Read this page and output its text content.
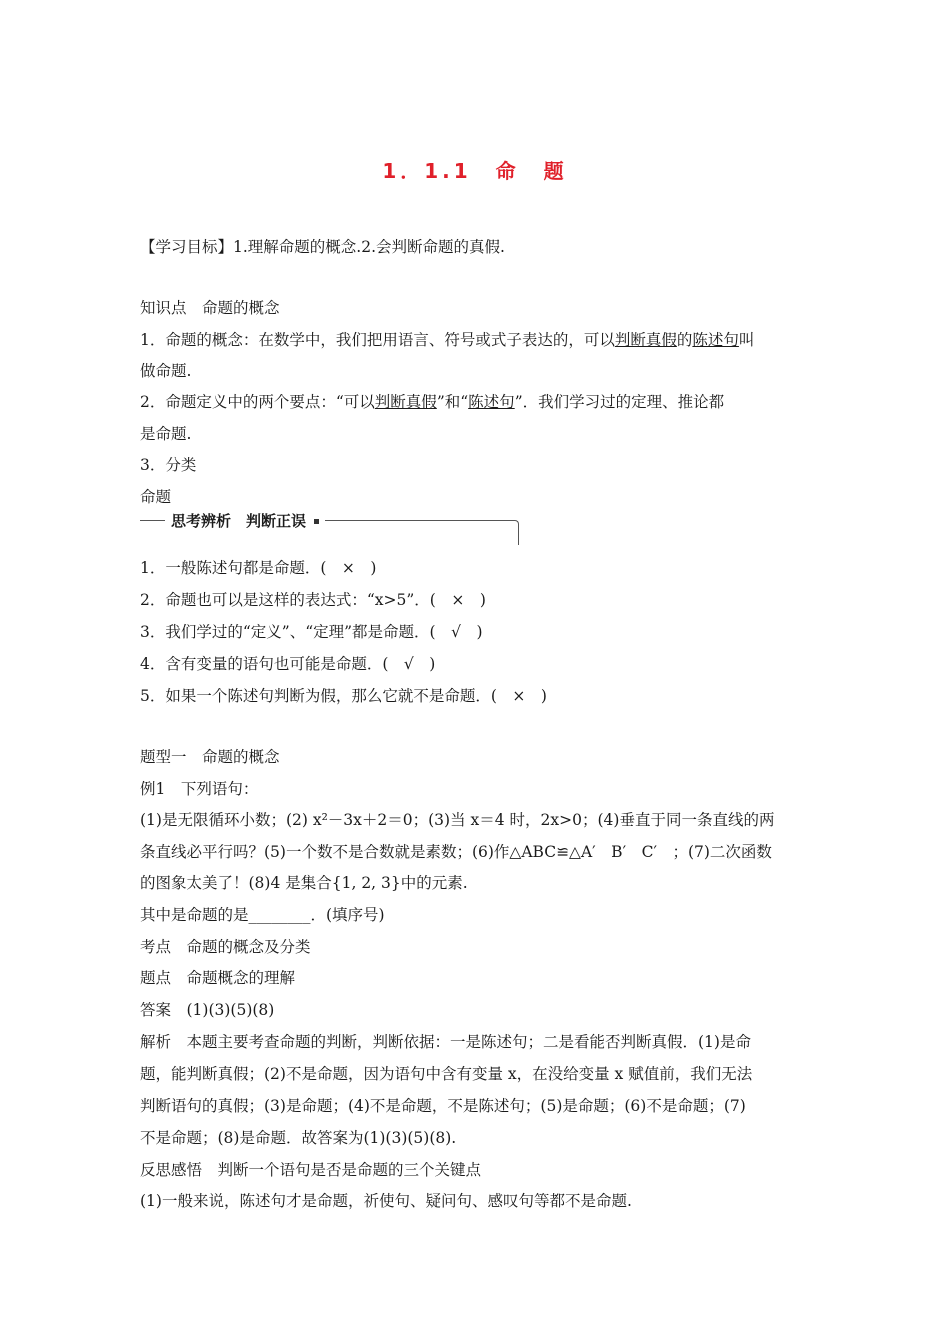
1．1.1　命　题
【学习目标】1.理解命题的概念.2.会判断命题的真假.
知识点　命题的概念
1．命题的概念：在数学中，我们把用语言、符号或式子表达的，可以判断真假的陈述句叫
做命题.
2．命题定义中的两个要点：“可以判断真假”和“陈述句”．我们学习过的定理、推论都
是命题.
3．分类
命题
思考辨析　判断正误
1．一般陈述句都是命题．(　×　)
2．命题也可以是这样的表达式：“x>5”．(　×　)
3．我们学过的“定义”、“定理”都是命题．(　√　)
4．含有变量的语句也可能是命题．(　√　)
5．如果一个陈述句判断为假，那么它就不是命题．(　×　)
题型一　命题的概念
例1　下列语句：
(1)是无限循环小数；(2) x²－3x＋2＝0；(3)当 x＝4 时，2x>0；(4)垂直于同一条直线的两
条直线必平行吗？(5)一个数不是合数就是素数；(6)作△ABC≌△A′　B′　C′　；(7)二次函数
的图象太美了！(8)4 是集合{1, 2, 3}中的元素.
其中是命题的是________．(填序号)
考点　命题的概念及分类
题点　命题概念的理解
答案　(1)(3)(5)(8)
解析　本题主要考查命题的判断，判断依据：一是陈述句；二是看能否判断真假．(1)是命
题，能判断真假；(2)不是命题，因为语句中含有变量 x，在没给变量 x 赋值前，我们无法
判断语句的真假；(3)是命题；(4)不是命题，不是陈述句；(5)是命题；(6)不是命题；(7)
不是命题；(8)是命题．故答案为(1)(3)(5)(8).
反思感悟　判断一个语句是否是命题的三个关键点
(1)一般来说，陈述句才是命题，祈使句、疑问句、感叹句等都不是命题.
